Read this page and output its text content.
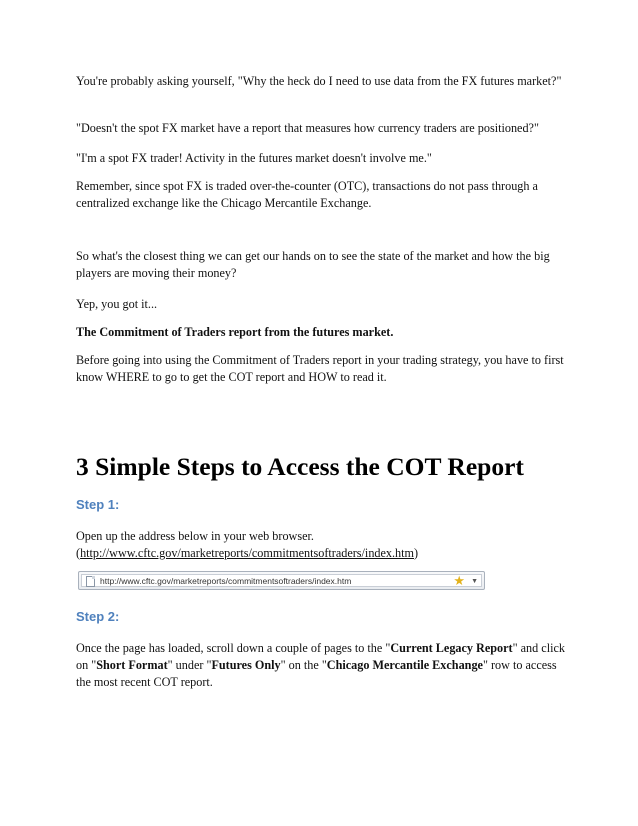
You're probably asking yourself, "Why the heck do I need to use data from the FX futures market?"

"Doesn't the spot FX market have a report that measures how currency traders are positioned?"

"I'm a spot FX trader! Activity in the futures market doesn't involve me."

Remember, since spot FX is traded over-the-counter (OTC), transactions do not pass through a centralized exchange like the Chicago Mercantile Exchange.

So what's the closest thing we can get our hands on to see the state of the market and how the big players are moving their money?

Yep, you got it...

The Commitment of Traders report from the futures market.

Before going into using the Commitment of Traders report in your trading strategy, you have to first know WHERE to go to get the COT report and HOW to read it.

3 Simple Steps to Access the COT Report

Step 1:

Open up the address below in your web browser.
(http://www.cftc.gov/marketreports/commitmentsoftraders/index.htm)

http://www.cftc.gov/marketreports/commitmentsoftraders/index.htm	★ ▼

Step 2:

Once the page has loaded, scroll down a couple of pages to the "Current Legacy Report" and click on "Short Format" under "Futures Only" on the "Chicago Mercantile Exchange" row to access the most recent COT report.
